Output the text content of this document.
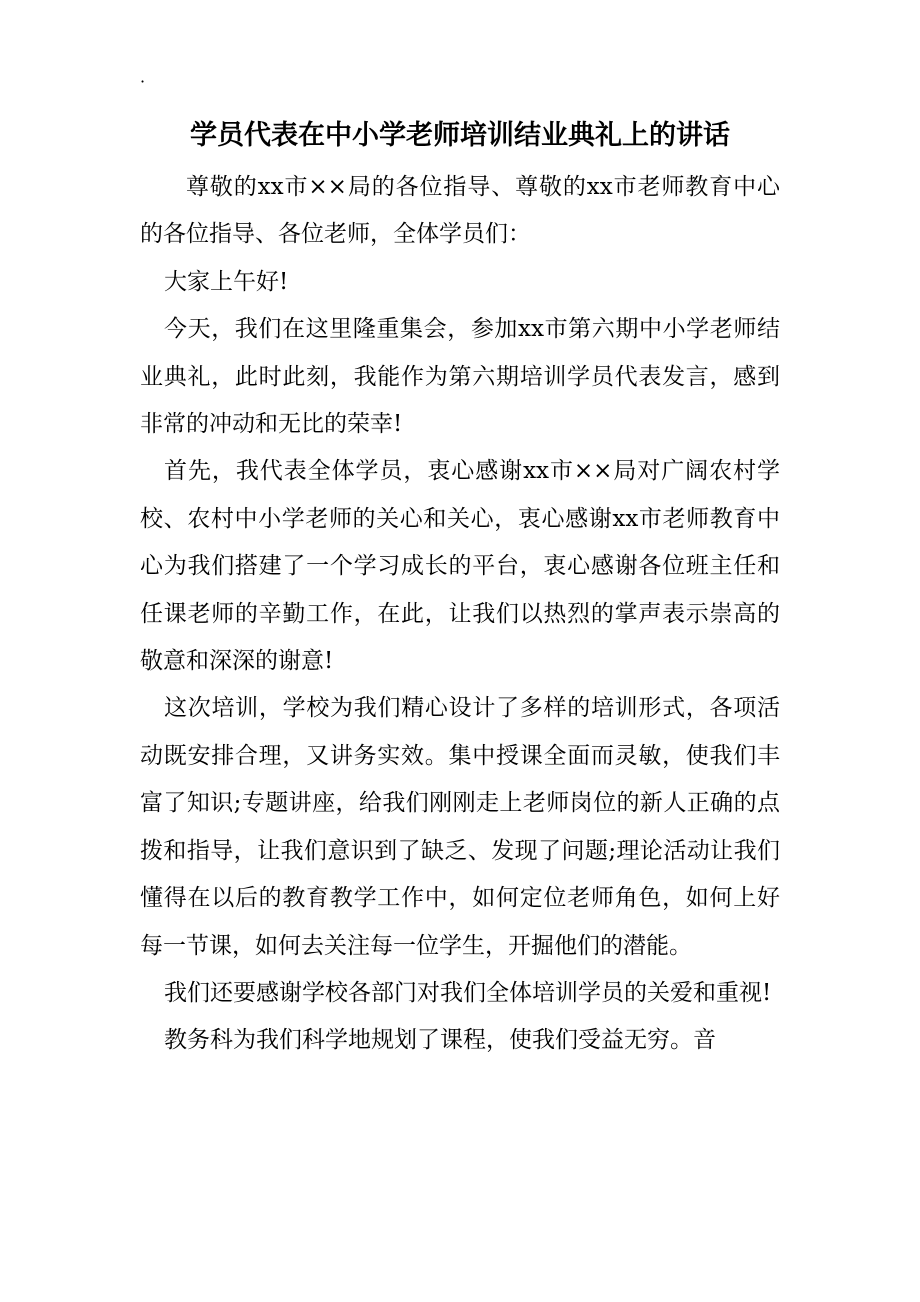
·
学员代表在中小学老师培训结业典礼上的讲话

尊敬的xx市××局的各位指导、尊敬的xx市老师教育中心的各位指导、各位老师，全体学员们：

大家上午好!

今天，我们在这里隆重集会，参加xx市第六期中小学老师结业典礼，此时此刻，我能作为第六期培训学员代表发言，感到非常的冲动和无比的荣幸!

首先，我代表全体学员，衷心感谢xx市××局对广阔农村学校、农村中小学老师的关心和关心，衷心感谢xx市老师教育中心为我们搭建了一个学习成长的平台，衷心感谢各位班主任和任课老师的辛勤工作，在此，让我们以热烈的掌声表示崇高的敬意和深深的谢意!

这次培训，学校为我们精心设计了多样的培训形式，各项活动既安排合理，又讲务实效。集中授课全面而灵敏，使我们丰富了知识;专题讲座，给我们刚刚走上老师岗位的新人正确的点拨和指导，让我们意识到了缺乏、发现了问题;理论活动让我们懂得在以后的教育教学工作中，如何定位老师角色，如何上好每一节课，如何去关注每一位学生，开掘他们的潜能。

我们还要感谢学校各部门对我们全体培训学员的关爱和重视!

教务科为我们科学地规划了课程，使我们受益无穷。音
